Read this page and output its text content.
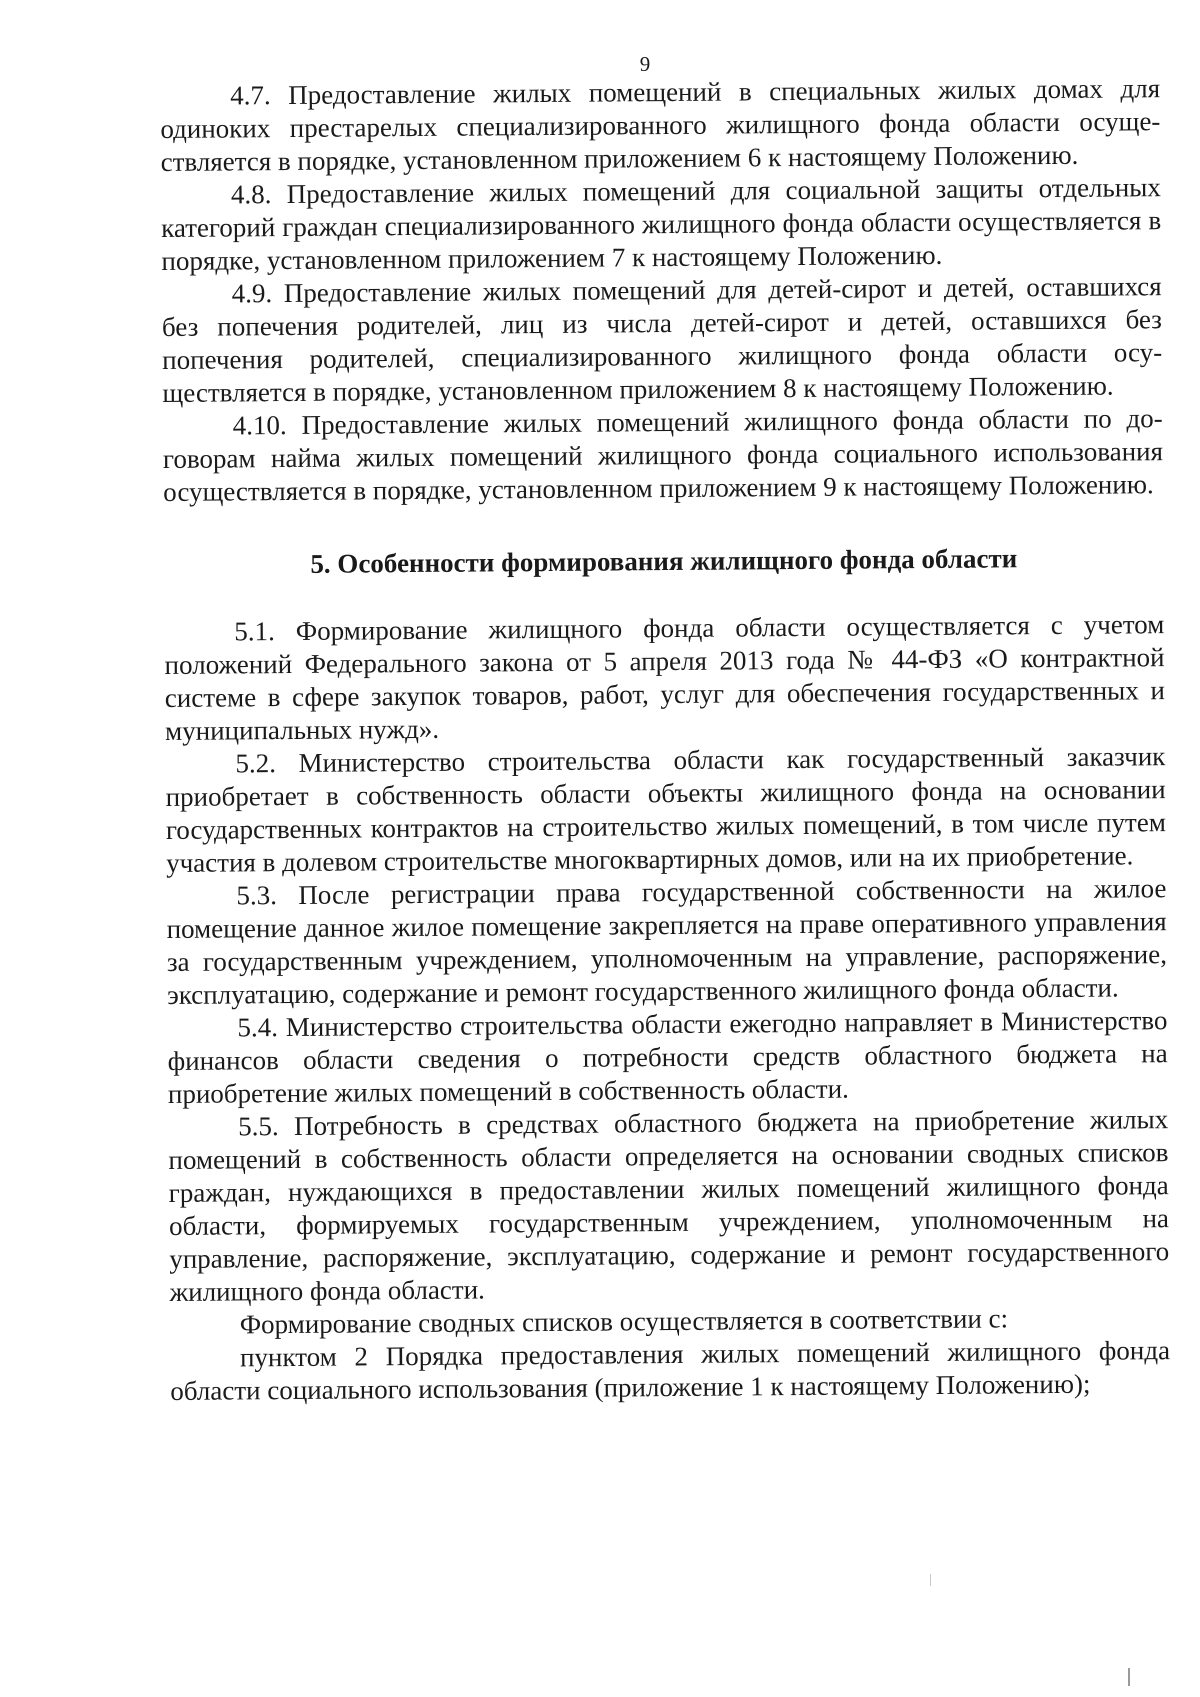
9

4.7. Предоставление жилых помещений в специальных жилых домах для одиноких престарелых специализированного жилищного фонда области осуществляется в порядке, установленном приложением 6 к настоящему Положению.

4.8. Предоставление жилых помещений для социальной защиты отдельных категорий граждан специализированного жилищного фонда области осуществляется в порядке, установленном приложением 7 к настоящему Положению.

4.9. Предоставление жилых помещений для детей-сирот и детей, оставшихся без попечения родителей, лиц из числа детей-сирот и детей, оставшихся без попечения родителей, специализированного жилищного фонда области осуществляется в порядке, установленном приложением 8 к настоящему Положению.

4.10. Предоставление жилых помещений жилищного фонда области по договорам найма жилых помещений жилищного фонда социального использования осуществляется в порядке, установленном приложением 9 к настоящему Положению.

5. Особенности формирования жилищного фонда области

5.1. Формирование жилищного фонда области осуществляется с учетом положений Федерального закона от 5 апреля 2013 года № 44-ФЗ «О контрактной системе в сфере закупок товаров, работ, услуг для обеспечения государственных и муниципальных нужд».

5.2. Министерство строительства области как государственный заказчик приобретает в собственность области объекты жилищного фонда на основании государственных контрактов на строительство жилых помещений, в том числе путем участия в долевом строительстве многоквартирных домов, или на их приобретение.

5.3. После регистрации права государственной собственности на жилое помещение данное жилое помещение закрепляется на праве оперативного управления за государственным учреждением, уполномоченным на управление, распоряжение, эксплуатацию, содержание и ремонт государственного жилищного фонда области.

5.4. Министерство строительства области ежегодно направляет в Министерство финансов области сведения о потребности средств областного бюджета на приобретение жилых помещений в собственность области.

5.5. Потребность в средствах областного бюджета на приобретение жилых помещений в собственность области определяется на основании сводных списков граждан, нуждающихся в предоставлении жилых помещений жилищного фонда области, формируемых государственным учреждением, уполномоченным на управление, распоряжение, эксплуатацию, содержание и ремонт государственного жилищного фонда области.

Формирование сводных списков осуществляется в соответствии с:

пунктом 2 Порядка предоставления жилых помещений жилищного фонда области социального использования (приложение 1 к настоящему Положению);
